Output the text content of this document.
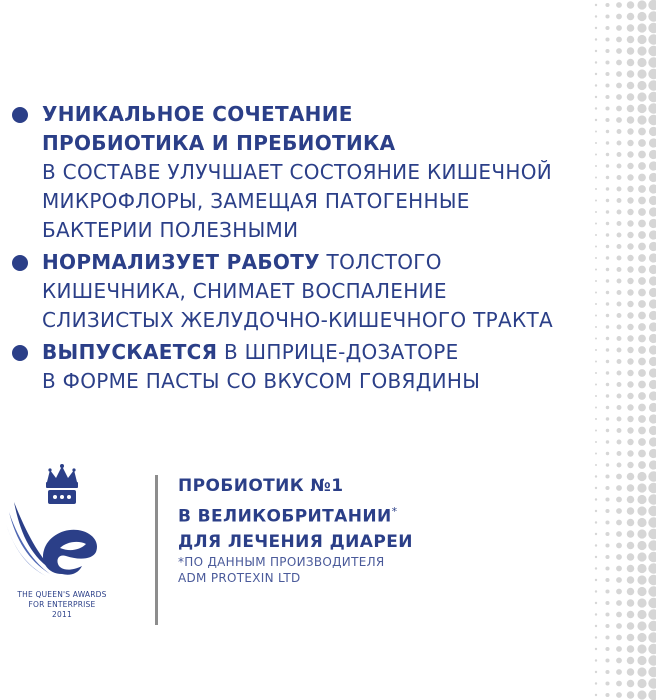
УНИКАЛЬНОЕ СОЧЕТАНИЕ
ПРОБИОТИКА И ПРЕБИОТИКА
В СОСТАВЕ УЛУЧШАЕТ СОСТОЯНИЕ КИШЕЧНОЙ
МИКРОФЛОРЫ, ЗАМЕЩАЯ ПАТОГЕННЫЕ
БАКТЕРИИ ПОЛЕЗНЫМИ
НОРМАЛИЗУЕТ РАБОТУ ТОЛСТОГО
КИШЕЧНИКА, СНИМАЕТ ВОСПАЛЕНИЕ
СЛИЗИСТЫХ ЖЕЛУДОЧНО-КИШЕЧНОГО ТРАКТА
ВЫПУСКАЕТСЯ В ШПРИЦЕ-ДОЗАТОРЕ
В ФОРМЕ ПАСТЫ СО ВКУСОМ ГОВЯДИНЫ
THE QUEEN'S AWARDS
FOR ENTERPRISE
2011
ПРОБИОТИК №1
В ВЕЛИКОБРИТАНИИ*
ДЛЯ ЛЕЧЕНИЯ ДИАРЕИ
*ПО ДАННЫМ ПРОИЗВОДИТЕЛЯ
ADM PROTEXIN LTD
